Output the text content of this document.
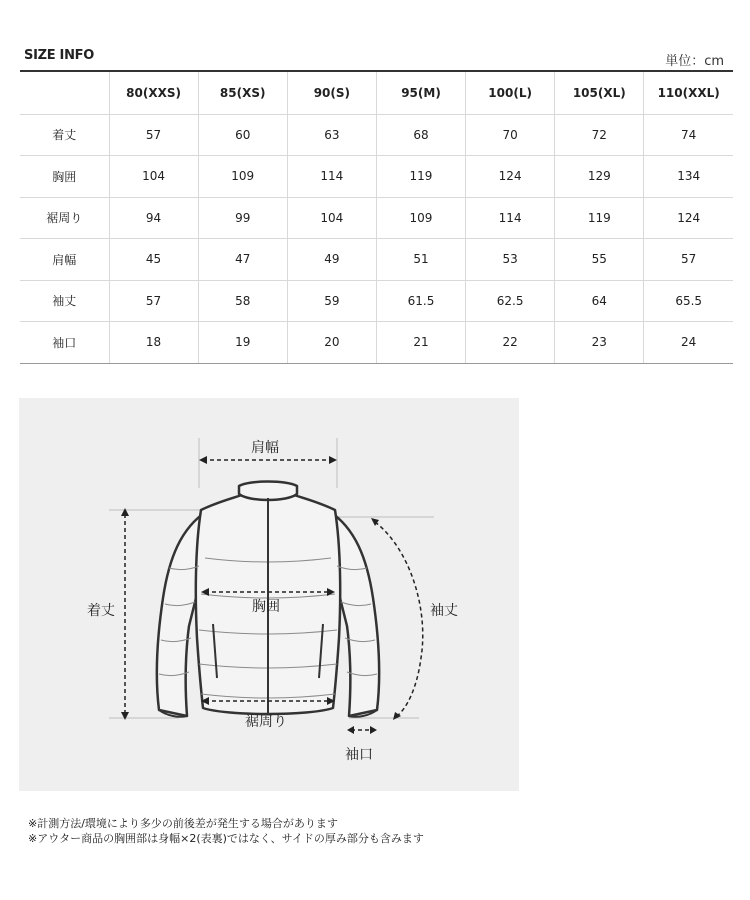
SIZE INFO	単位：cm
	80(XXS)	85(XS)	90(S)	95(M)	100(L)	105(XL)	110(XXL)
着丈	57	60	63	68	70	72	74
胸囲	104	109	114	119	124	129	134
裾周り	94	99	104	109	114	119	124
肩幅	45	47	49	51	53	55	57
袖丈	57	58	59	61.5	62.5	64	65.5
袖口	18	19	20	21	22	23	24
肩幅
着丈	胸囲	袖丈
裾周り
袖口
※計測方法/環境により多少の前後差が発生する場合があります
※アウター商品の胸囲部は身幅×2(表裏)ではなく、サイドの厚み部分も含みます
